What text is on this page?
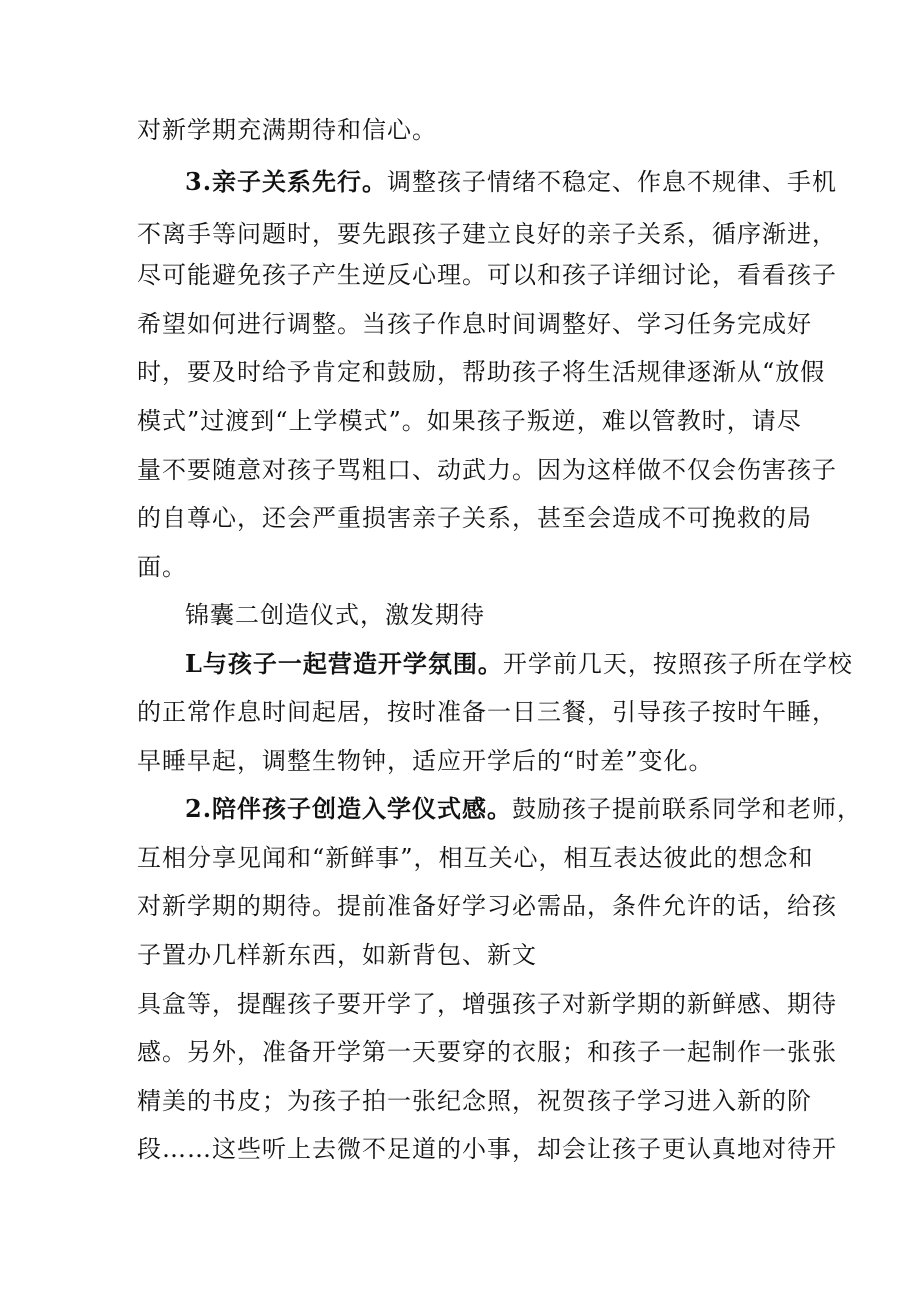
对新学期充满期待和信心。
3.亲子关系先行。调整孩子情绪不稳定、作息不规律、手机
不离手等问题时，要先跟孩子建立良好的亲子关系，循序渐进，
尽可能避免孩子产生逆反心理。可以和孩子详细讨论，看看孩子
希望如何进行调整。当孩子作息时间调整好、学习任务完成好
时，要及时给予肯定和鼓励，帮助孩子将生活规律逐渐从“放假
模式”过渡到“上学模式”。如果孩子叛逆，难以管教时，请尽
量不要随意对孩子骂粗口、动武力。因为这样做不仅会伤害孩子
的自尊心，还会严重损害亲子关系，甚至会造成不可挽救的局
面。
锦囊二创造仪式，激发期待
L与孩子一起营造开学氛围。开学前几天，按照孩子所在学校
的正常作息时间起居，按时准备一日三餐，引导孩子按时午睡，
早睡早起，调整生物钟，适应开学后的“时差”变化。
2.陪伴孩子创造入学仪式感。鼓励孩子提前联系同学和老师，
互相分享见闻和“新鲜事”，相互关心，相互表达彼此的想念和
对新学期的期待。提前准备好学习必需品，条件允许的话，给孩
子置办几样新东西，如新背包、新文
具盒等，提醒孩子要开学了，增强孩子对新学期的新鲜感、期待
感。另外，准备开学第一天要穿的衣服；和孩子一起制作一张张
精美的书皮；为孩子拍一张纪念照，祝贺孩子学习进入新的阶
段……这些听上去微不足道的小事，却会让孩子更认真地对待开
